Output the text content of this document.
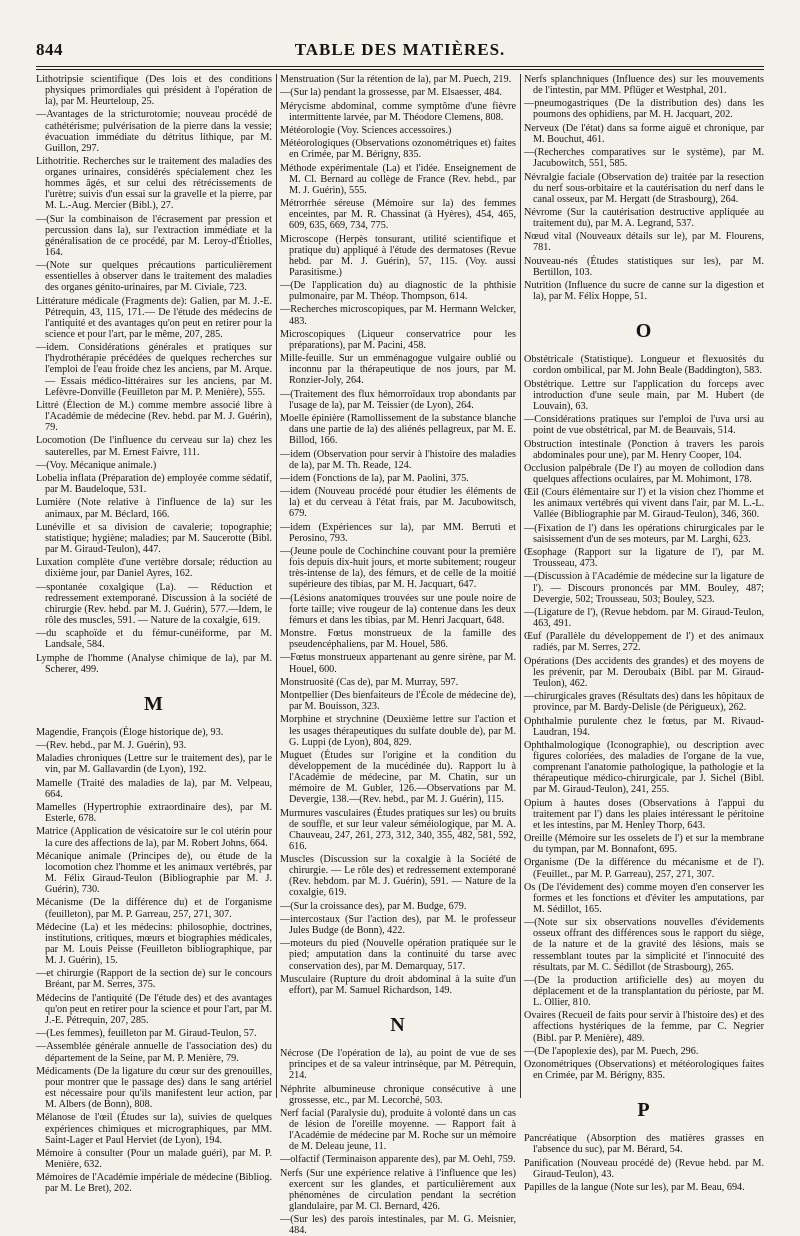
844	TABLE DES MATIÈRES.

Lithotripsie scientifique (Des lois et des conditions physiques primordiales qui président à l'opération de la), par M. Heurteloup, 25.

—Avantages de la stricturotomie; nouveau procédé de cathétérisme; pulvérisation de la pierre dans la vessie; évacuation immédiate du détritus lithique, par M. Guillon, 297.

Lithotritie. Recherches sur le traitement des maladies des organes urinaires, considérés spécialement chez les hommes âgés, et sur celui des rétrécissements de l'urètre; suivis d'un essai sur la gravelle et la pierre, par M. L.-Aug. Mercier (Bibl.), 27.

—(Sur la combinaison de l'écrasement par pression et percussion dans la), sur l'extraction immédiate et la généralisation de ce procédé, par M. Leroy-d'Étiolles, 164.

—(Note sur quelques précautions particulièrement essentielles à observer dans le traitement des maladies des organes génito-urinaires, par M. Civiale, 723.

Littérature médicale (Fragments de): Galien, par M. J.-E. Pétrequin, 43, 115, 171.— De l'étude des médecins de l'antiquité et des avantages qu'on peut en retirer pour la science et pour l'art, par le même, 207, 285.

—idem. Considérations générales et pratiques sur l'hydrothérapie précédées de quelques recherches sur l'emploi de l'eau froide chez les anciens, par M. Arque. — Essais médico-littéraires sur les anciens, par M. Lefèvre-Donville (Feuilleton par M. P. Menière), 555.

Littré (Élection de M.) comme membre associé libre à l'Académie de médecine (Rev. hebd. par M. J. Guérin), 79.

Locomotion (De l'influence du cerveau sur la) chez les sauterelles, par M. Ernest Faivre, 111.

—(Voy. Mécanique animale.)

Lobelia inflata (Préparation de) employée comme sédatif, par M. Baudeloque, 531.

Lumière (Note relative à l'influence de la) sur les animaux, par M. Béclard, 166.

Lunéville et sa division de cavalerie; topographie; statistique; hygiène; maladies; par M. Saucerotte (Bibl. par M. Giraud-Teulon), 447.

Luxation complète d'une vertèbre dorsale; réduction au dixième jour, par Daniel Ayres, 162.

—spontanée coxalgique (La). — Réduction et redressement extemporané. Discussion à la société de chirurgie (Rev. hebd. par M. J. Guérin), 577.—Idem, le rôle des muscles, 591. — Nature de la coxalgie, 619.

—du scaphoïde et du fémur-cunéiforme, par M. Landsale, 584.

Lymphe de l'homme (Analyse chimique de la), par M. Scherer, 499.

M

Magendie, François (Éloge historique de), 93.

—(Rev. hebd., par M. J. Guérin), 93.

Maladies chroniques (Lettre sur le traitement des), par le vin, par M. Gallavardin (de Lyon), 192.

Mamelle (Traité des maladies de la), par M. Velpeau, 664.

Mamelles (Hypertrophie extraordinaire des), par M. Esterle, 678.

Matrice (Application de vésicatoire sur le col utérin pour la cure des affections de la), par M. Robert Johns, 664.

Mécanique animale (Principes de), ou étude de la locomotion chez l'homme et les animaux vertébrés, par M. Félix Giraud-Teulon (Bibliographie par M. J. Guérin), 730.

Mécanisme (De la différence du) et de l'organisme (feuilleton), par M. P. Garreau, 257, 271, 307.

Médecine (La) et les médecins: philosophie, doctrines, institutions, critiques, mœurs et biographies médicales, par M. Louis Peisse (Feuilleton bibliographique, par M. J. Guérin), 15.

—et chirurgie (Rapport de la section de) sur le concours Bréant, par M. Serres, 375.

Médecins de l'antiquité (De l'étude des) et des avantages qu'on peut en retirer pour la science et pour l'art, par M. J.-E. Pétrequin, 207, 285.

—(Les femmes), feuilleton par M. Giraud-Teulon, 57.

—Assemblée générale annuelle de l'association des) du département de la Seine, par M. P. Menière, 79.

Médicaments (De la ligature du cœur sur des grenouilles, pour montrer que le passage des) dans le sang artériel est nécessaire pour qu'ils manifestent leur action, par M. Albers (de Bonn), 808.

Mélanose de l'œil (Études sur la), suivies de quelques expériences chimiques et micrographiques, par MM. Saint-Lager et Paul Herviet (de Lyon), 194.

Mémoire à consulter (Pour un malade guéri), par M. P. Menière, 632.

Mémoires de l'Académie impériale de médecine (Bibliog. par M. Le Bret), 202.

Menstruation (Sur la rétention de la), par M. Puech, 219.

—(Sur la) pendant la grossesse, par M. Elsaesser, 484.

Mérycisme abdominal, comme symptôme d'une fièvre intermittente larvée, par M. Théodore Clemens, 808.

Météorologie (Voy. Sciences accessoires.)

Météorologiques (Observations ozonométriques et) faites en Crimée, par M. Bérigny, 835.

Méthode expérimentale (La) et l'idée. Enseignement de M. Cl. Bernard au collège de France (Rev. hebd., par M. J. Guérin), 555.

Métrorrhée séreuse (Mémoire sur la) des femmes enceintes, par M. R. Chassinat (à Hyères), 454, 465, 609, 635, 669, 734, 775.

Microscope (Herpès tonsurant, utilité scientifique et pratique du) appliqué à l'étude des dermatoses (Revue hebd. par M. J. Guérin), 57, 115. (Voy. aussi Parasitisme.)

—(De l'application du) au diagnostic de la phthisie pulmonaire, par M. Théop. Thompson, 614.

—Recherches microscopiques, par M. Hermann Welcker, 483.

Microscopiques (Liqueur conservatrice pour les préparations), par M. Pacini, 458.

Mille-feuille. Sur un emménagogue vulgaire oublié ou inconnu par la thérapeutique de nos jours, par M. Ronzier-Joly, 264.

—(Traitement des flux hémorroïdaux trop abondants par l'usage de la), par M. Teissier (de Lyon), 264.

Moelle épinière (Ramollissement de la substance blanche dans une partie de la) des aliénés pellagreux, par M. E. Billod, 166.

—idem (Observation pour servir à l'histoire des maladies de la), par M. Th. Reade, 124.

—idem (Fonctions de la), par M. Paolini, 375.

—idem (Nouveau procédé pour étudier les éléments de la) et du cerveau à l'état frais, par M. Jacubowitsch, 679.

—idem (Expériences sur la), par MM. Berruti et Perosino, 793.

—(Jeune poule de Cochinchine couvant pour la première fois depuis dix-huit jours, et morte subitement; rougeur très-intense de la), des fémurs, et de celle de la moitié supérieure des tibias, par M. H. Jacquart, 647.

—(Lésions anatomiques trouvées sur une poule noire de forte taille; vive rougeur de la) contenue dans les deux fémurs et dans les tibias, par M. Henri Jacquart, 648.

Monstre. Fœtus monstrueux de la famille des pseudencéphaliens, par M. Houel, 586.

—Fœtus monstrueux appartenant au genre sirène, par M. Houel, 600.

Monstruosité (Cas de), par M. Murray, 597.

Montpellier (Des bienfaiteurs de l'École de médecine de), par M. Bouisson, 323.

Morphine et strychnine (Deuxième lettre sur l'action et les usages thérapeutiques du sulfate double de), par M. G. Luppi (de Lyon), 804, 829.

Muguet (Études sur l'origine et la condition du développement de la mucédinée du). Rapport lu à l'Académie de médecine, par M. Chatin, sur un mémoire de M. Gubler, 126.—Observations par M. Devergie, 138.—(Rev. hebd., par M. J. Guérin), 115.

Murmures vasculaires (Études pratiques sur les) ou bruits de souffle, et sur leur valeur séméiologique, par M. A. Chauveau, 247, 261, 273, 312, 340, 355, 482, 581, 592, 616.

Muscles (Discussion sur la coxalgie à la Société de chirurgie. — Le rôle des) et redressement extemporané (Rev. hebdom. par M. J. Guérin), 591. — Nature de la coxalgie, 619.

—(Sur la croissance des), par M. Budge, 679.

—intercostaux (Sur l'action des), par M. le professeur Jules Budge (de Bonn), 422.

—moteurs du pied (Nouvelle opération pratiquée sur le pied; amputation dans la continuité du tarse avec conservation des), par M. Demarquay, 517.

Musculaire (Rupture du droit abdominal à la suite d'un effort), par M. Samuel Richardson, 149.

N

Nécrose (De l'opération de la), au point de vue de ses principes et de sa valeur intrinsèque, par M. Pétrequin, 214.

Néphrite albumineuse chronique consécutive à une grossesse, etc., par M. Lecorché, 503.

Nerf facial (Paralysie du), produite à volonté dans un cas de lésion de l'oreille moyenne. — Rapport fait à l'Académie de médecine par M. Roche sur un mémoire de M. Deleau jeune, 11.

—olfactif (Terminaison apparente des), par M. Oehl, 759.

Nerfs (Sur une expérience relative à l'influence que les) exercent sur les glandes, et particulièrement aux phénomènes de circulation pendant la secrétion glandulaire, par M. Cl. Bernard, 426.

—(Sur les) des parois intestinales, par M. G. Meisnier, 484.

Nerfs splanchniques (Influence des) sur les mouvements de l'intestin, par MM. Pflüger et Westphal, 201.

—pneumogastriques (De la distribution des) dans les poumons des ophidiens, par M. H. Jacquart, 202.

Nerveux (De l'état) dans sa forme aiguë et chronique, par M. Bouchut, 461.

—(Recherches comparatives sur le système), par M. Jacubowitch, 551, 585.

Névralgie faciale (Observation de) traitée par la resection du nerf sous-orbitaire et la cautérisation du nerf dans le canal osseux, par M. Hergatt (de Strasbourg), 264.

Névrome (Sur la cautérisation destructive appliquée au traitement du), par M. A. Legrand, 537.

Nœud vital (Nouveaux détails sur le), par M. Flourens, 781.

Nouveau-nés (Études statistiques sur les), par M. Bertillon, 103.

Nutrition (Influence du sucre de canne sur la digestion et la), par M. Félix Hoppe, 51.

O

Obstétricale (Statistique). Longueur et flexuosités du cordon ombilical, par M. John Beale (Baddington), 583.

Obstétrique. Lettre sur l'application du forceps avec introduction d'une seule main, par M. Hubert (de Louvain), 63.

—Considérations pratiques sur l'emploi de l'uva ursi au point de vue obstétrical, par M. de Beauvais, 514.

Obstruction intestinale (Ponction à travers les parois abdominales pour une), par M. Henry Cooper, 104.

Occlusion palpébrale (De l') au moyen de collodion dans quelques affections oculaires, par M. Mohimont, 178.

Œil (Cours élémentaire sur l') et la vision chez l'homme et les animaux vertébrés qui vivent dans l'air, par M. L.-L. Vallée (Bibliographie par M. Giraud-Teulon), 346, 360.

—(Fixation de l') dans les opérations chirurgicales par le saisissement d'un de ses moteurs, par M. Larghi, 623.

Œsophage (Rapport sur la ligature de l'), par M. Trousseau, 473.

—(Discussion à l'Académie de médecine sur la ligature de l'). — Discours prononcés par MM. Bouley, 487; Devergie, 502; Trousseau, 503; Bouley, 523.

—(Ligature de l'), (Revue hebdom. par M. Giraud-Teulon, 463, 491.

Œuf (Parallèle du développement de l') et des animaux radiés, par M. Serres, 272.

Opérations (Des accidents des grandes) et des moyens de les prévenir, par M. Deroubaix (Bibl. par M. Giraud-Teulon), 462.

—chirurgicales graves (Résultats des) dans les hôpitaux de province, par M. Bardy-Delisle (de Périgueux), 262.

Ophthalmie purulente chez le fœtus, par M. Rivaud-Laudran, 194.

Ophthalmologique (Iconographie), ou description avec figures coloriées, des maladies de l'organe de la vue, comprenant l'anatomie pathologique, la pathologie et la thérapeutique médico-chirurgicale, par J. Sichel (Bibl. par M. Giraud-Teulon), 241, 255.

Opium à hautes doses (Observations à l'appui du traitement par l') dans les plaies intéressant le péritoine et les intestins, par M. Henley Thorp, 643.

Oreille (Mémoire sur les osselets de l') et sur la membrane du tympan, par M. Bonnafont, 695.

Organisme (De la différence du mécanisme et de l'). (Feuillet., par M. P. Garreau), 257, 271, 307.

Os (De l'évidement des) comme moyen d'en conserver les formes et les fonctions et d'éviter les amputations, par M. Sédillot, 165.

—(Note sur six observations nouvelles d'évidements osseux offrant des différences sous le rapport du siège, de la nature et de la gravité des lésions, mais se ressemblant toutes par la simplicité et l'innocuité des résultats, par M. C. Sédillot (de Strasbourg), 265.

—(De la production artificielle des) au moyen du déplacement et de la transplantation du périoste, par M. L. Ollier, 810.

Ovaires (Recueil de faits pour servir à l'histoire des) et des affections hystériques de la femme, par C. Negrier (Bibl. par P. Menière), 489.

—(De l'apoplexie des), par M. Puech, 296.

Ozonométriques (Observations) et météorologiques faites en Crimée, par M. Bérigny, 835.

P

Pancréatique (Absorption des matières grasses en l'absence du suc), par M. Bérard, 54.

Panification (Nouveau procédé de) (Revue hebd. par M. Giraud-Teulon), 43.

Papilles de la langue (Note sur les), par M. Beau, 694.
